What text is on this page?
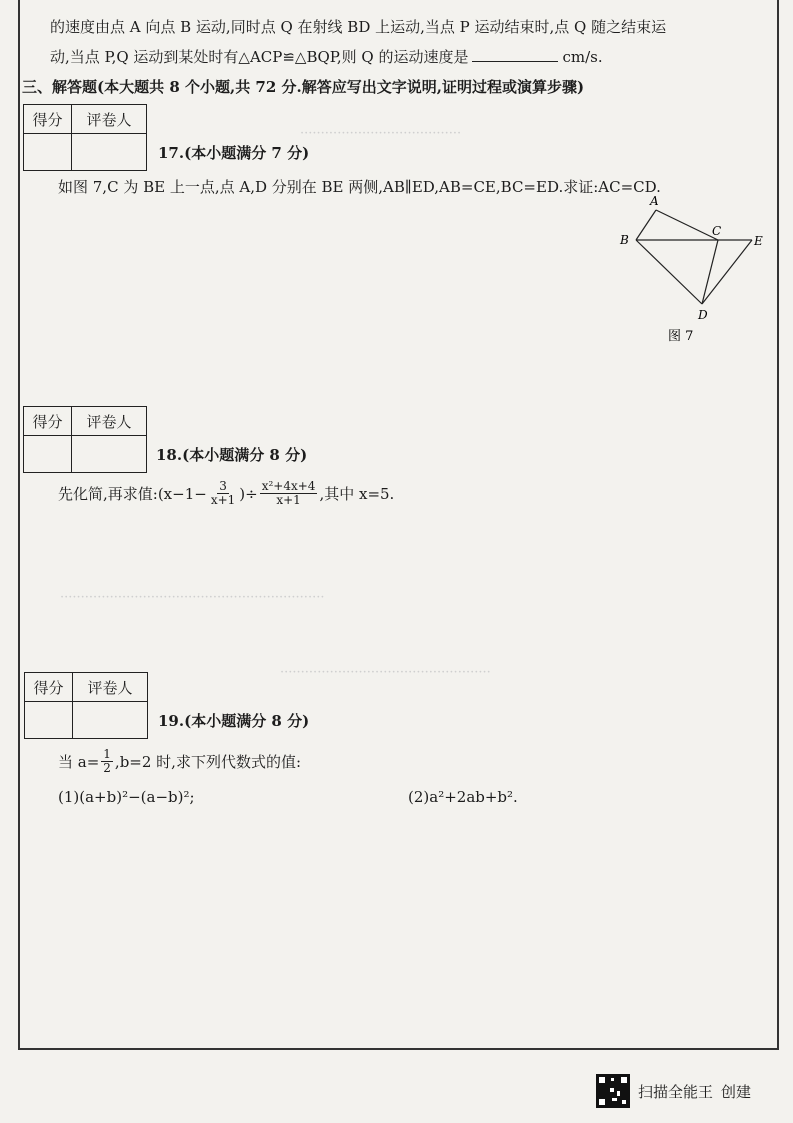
·······································
································································
···················································
的速度由点 A 向点 B 运动,同时点 Q 在射线 BD 上运动,当点 P 运动结束时,点 Q 随之结束运
动,当点 P,Q 运动到某处时有△ACP≌△BQP,则 Q 的运动速度是	cm/s.
三、解答题(本大题共 8 个小题,共 72 分.解答应写出文字说明,证明过程或演算步骤)
得分	评卷人

17.(本小题满分 7 分)
如图 7,C 为 BE 上一点,点 A,D 分别在 BE 两侧,AB∥ED,AB=CE,BC=ED.求证:AC=CD.
A
B
C
E
D
图 7
得分	评卷人

18.(本小题满分 8 分)
先化简,再求值:(x−1− $\frac{3}{x+1}$ )÷ $\frac{\text{x²+4x+4}}{x+1}$ ,其中 x=5.
得分	评卷人

19.(本小题满分 8 分)
当 $a= \frac{1}{2} ,b=2$ 时,求下列代数式的值:
(1)(a+b)²−(a−b)²;	(2)a²+2ab+b².
扫描全能王 创建
